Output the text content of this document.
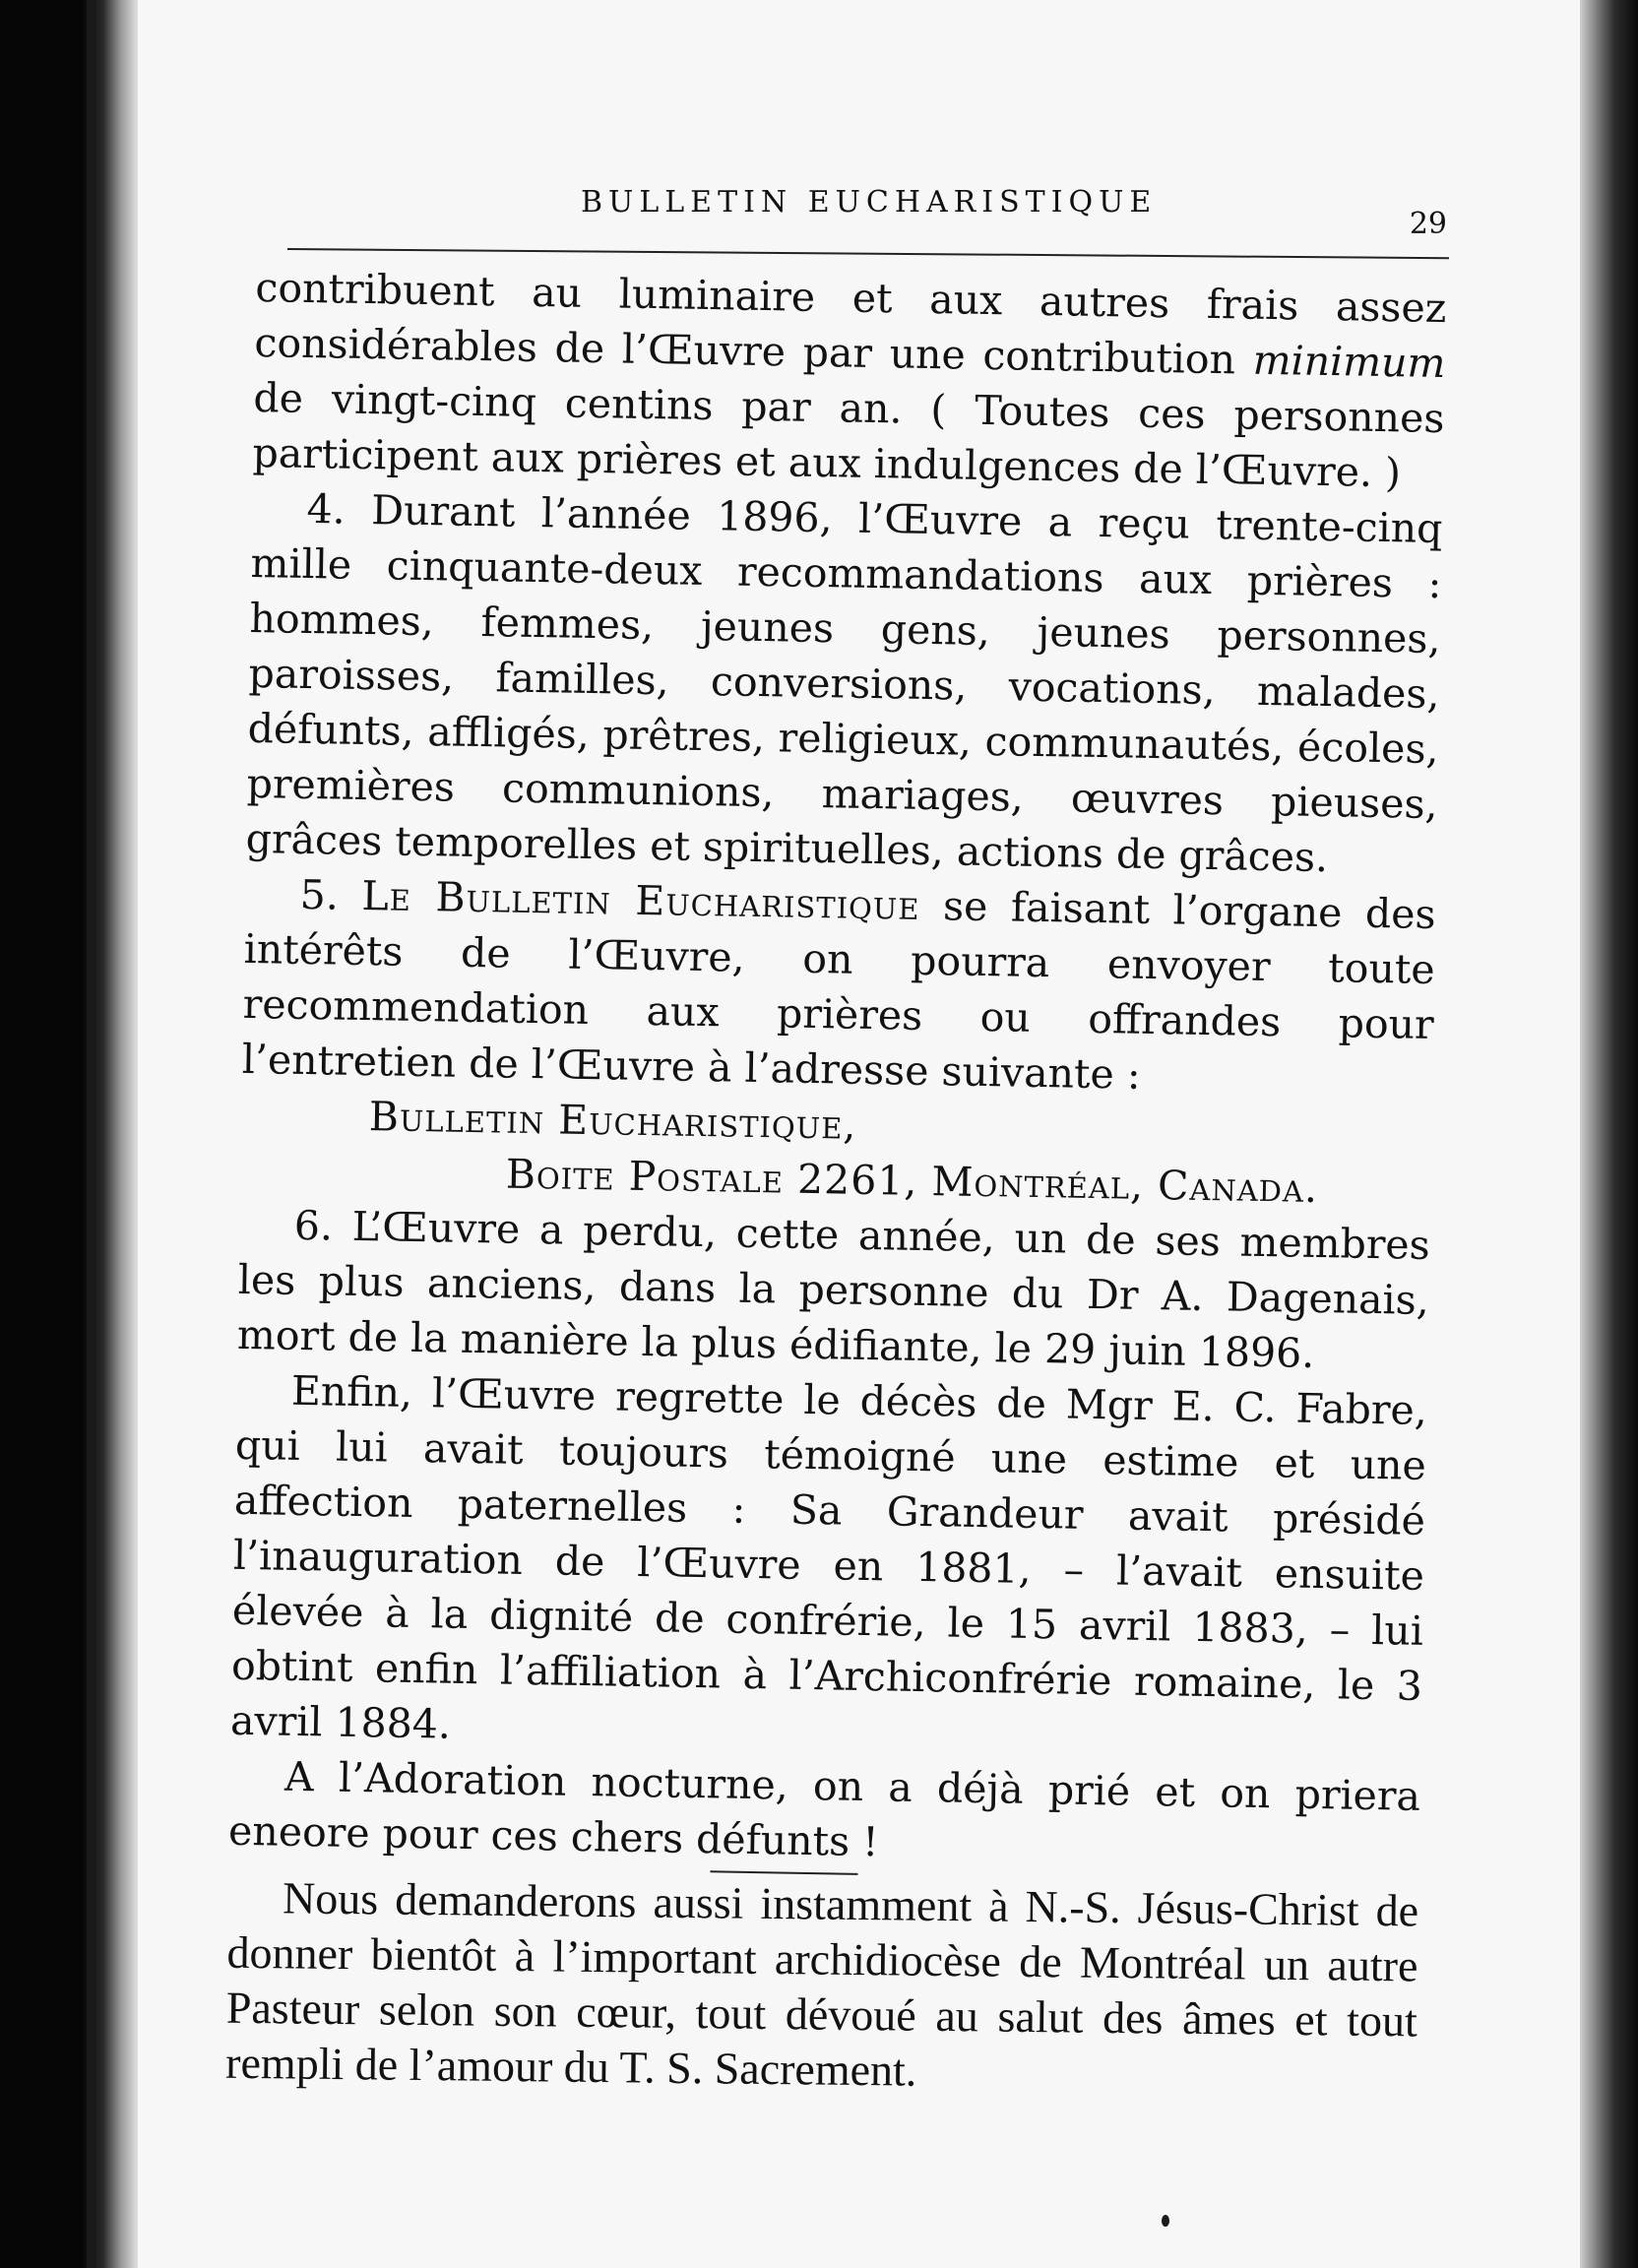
BULLETIN EUCHARISTIQUE
29

contribuent au luminaire et aux autres frais assez considérables de l’Œuvre par une contribution minimum de vingt-cinq centins par an. ( Toutes ces personnes participent aux prières et aux indulgences de l’Œuvre. )

4. Durant l’année 1896, l’Œuvre a reçu trente-cinq mille cinquante-deux recommandations aux prières : hommes, femmes, jeunes gens, jeunes personnes, paroisses, familles, conversions, vocations, malades, défunts, affligés, prêtres, religieux, communautés, écoles, premières communions, mariages, œuvres pieuses, grâces temporelles et spirituelles, actions de grâces.

5. Le Bulletin Eucharistique se faisant l’organe des intérêts de l’Œuvre, on pourra envoyer toute recommendation aux prières ou offrandes pour l’entretien de l’Œuvre à l’adresse suivante :

Bulletin Eucharistique,

Boite Postale 2261, Montréal, Canada.

6. L’Œuvre a perdu, cette année, un de ses membres les plus anciens, dans la personne du Dr A. Dagenais, mort de la manière la plus édifiante, le 29 juin 1896.

Enfin, l’Œuvre regrette le décès de Mgr E. C. Fabre, qui lui avait toujours témoigné une estime et une affection paternelles : Sa Grandeur avait présidé l’inauguration de l’Œuvre en 1881, – l’avait ensuite élevée à la dignité de confrérie, le 15 avril 1883, – lui obtint enfin l’affiliation à l’Archiconfrérie romaine, le 3 avril 1884.

A l’Adoration nocturne, on a déjà prié et on priera eneore pour ces chers défunts !

Nous demanderons aussi instamment à N.-S. Jésus-Christ de donner bientôt à l’important archidiocèse de Montréal un autre Pasteur selon son cœur, tout dévoué au salut des âmes et tout rempli de l’amour du T. S. Sacrement.
